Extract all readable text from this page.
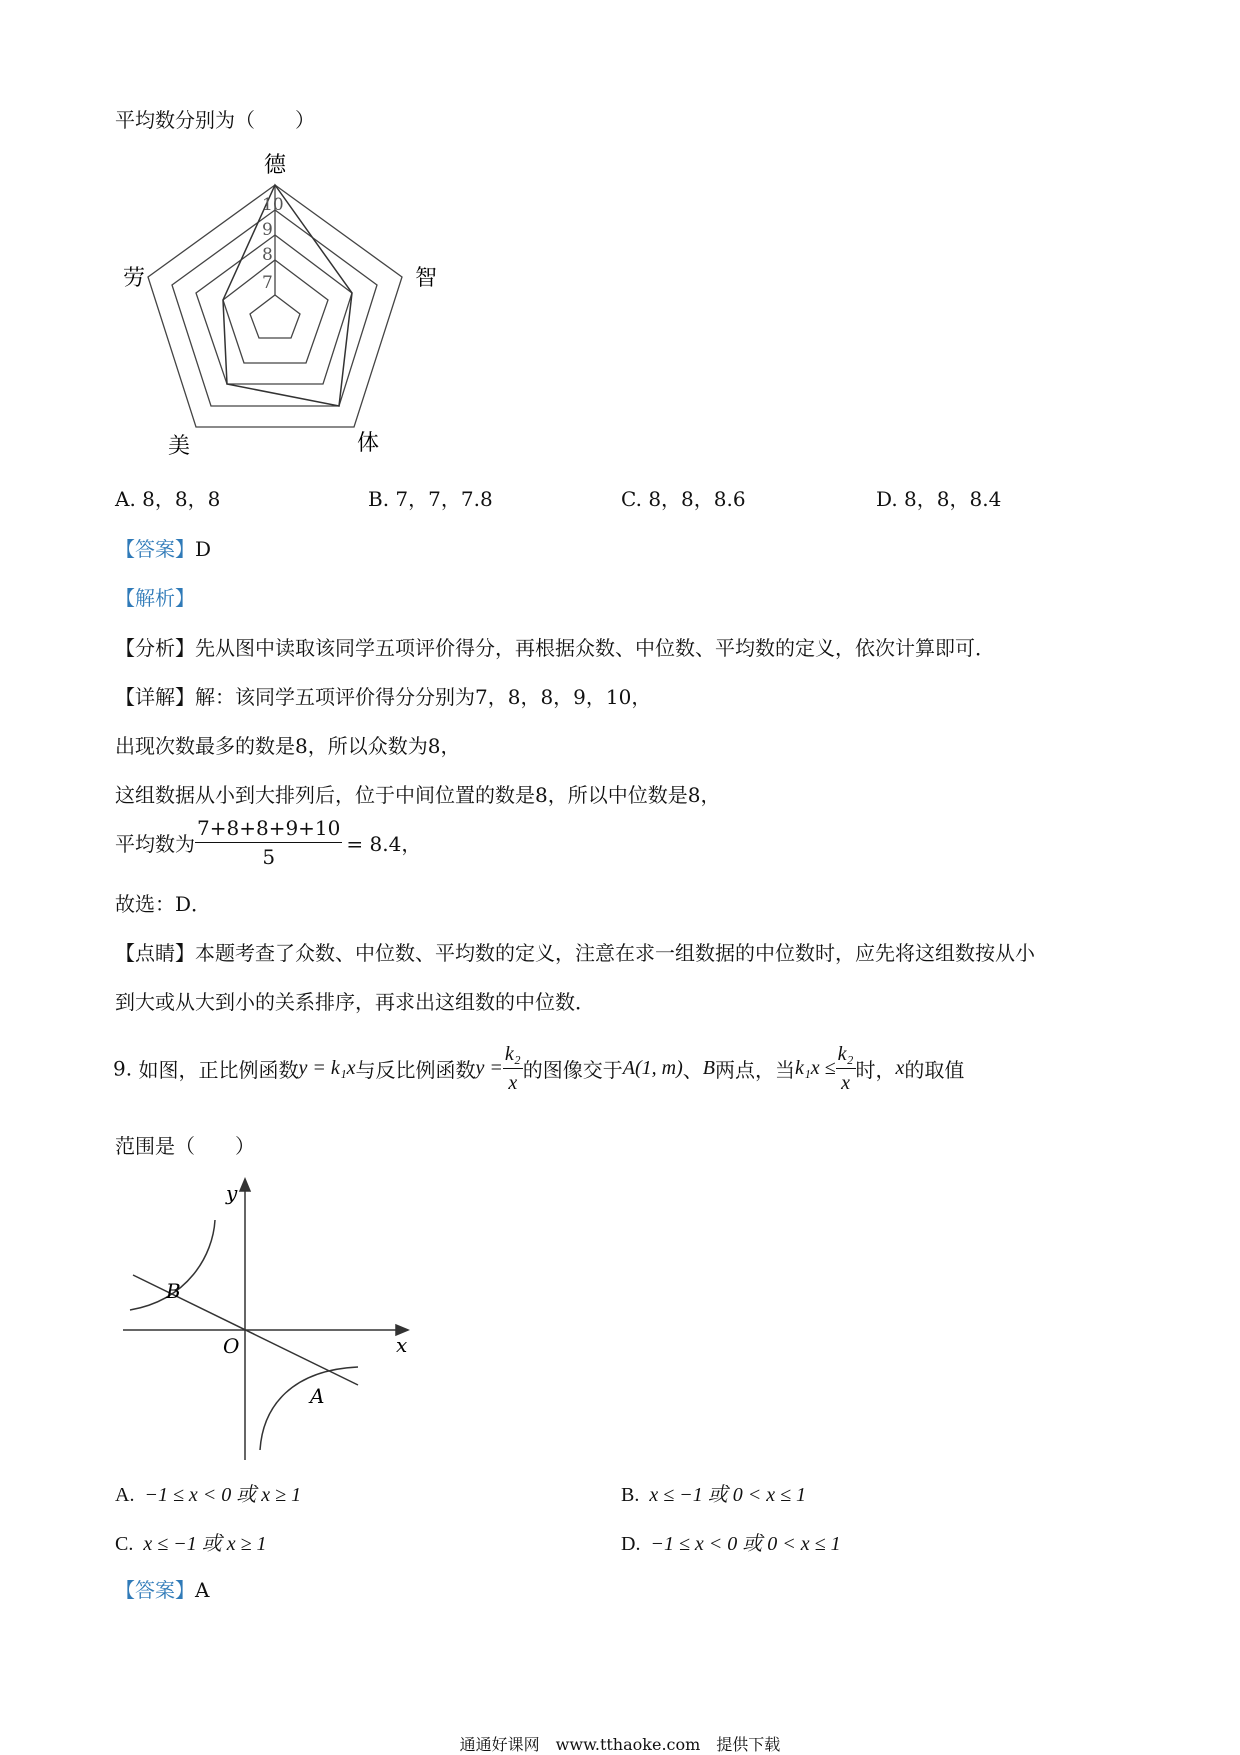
平均数分别为（　　）
德
智
体
美
劳
10
9
8
7
A. 8，8，8	B. 7，7，7.8	C. 8，8，8.6	D. 8，8，8.4
【答案】D
【解析】
【分析】先从图中读取该同学五项评价得分，再根据众数、中位数、平均数的定义，依次计算即可．
【详解】解：该同学五项评价得分分别为7，8，8，9，10，
出现次数最多的数是8，所以众数为8，
这组数据从小到大排列后，位于中间位置的数是8，所以中位数是8，
平均数为 $\frac{7+8+8+9+10}{5} = 8.4$，
故选：D．
【点睛】本题考查了众数、中位数、平均数的定义，注意在求一组数据的中位数时，应先将这组数按从小
到大或从大到小的关系排序，再求出这组数的中位数．
9. 如图，正比例函数y = k₁x与反比例函数$y = \frac{\text{k₂}}{x}$ 的图像交于A(1, m)、B两点，当$k_1x \le \frac{\text{k₂}}{x}$ 时，x的取值
范围是（　　）
y
x
O
B
A
A. −1 ≤ x < 0 或 x ≥ 1	B. x ≤ −1 或 0 < x ≤ 1
C. x ≤ −1 或 x ≥ 1	D. −1 ≤ x < 0 或 0 < x ≤ 1
【答案】A
通通好课网　www.tthaoke.com　提供下载
